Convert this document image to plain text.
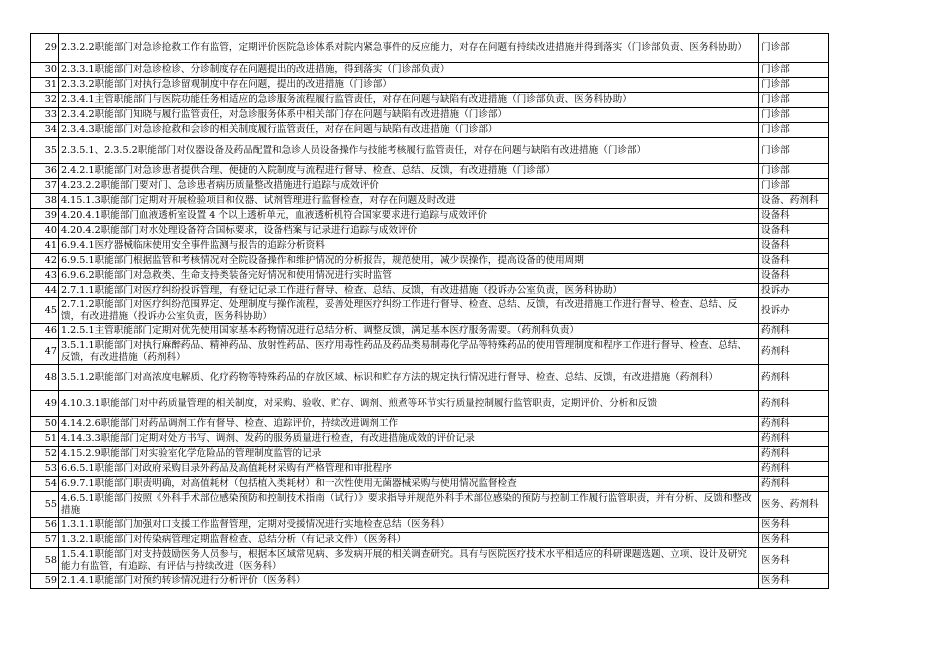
29	2.3.2.2职能部门对急诊抢救工作有监管，定期评价医院急诊体系对院内紧急事件的反应能力，对存在问题有持续改进措施并得到落实（门诊部负责、医务科协助）	门诊部
30	2.3.3.1职能部门对急诊检诊、分诊制度存在问题提出的改进措施，得到落实（门诊部负责）	门诊部
31	2.3.3.2职能部门对执行急诊留观制度中存在问题，提出的改进措施（门诊部）	门诊部
32	2.3.4.1主管职能部门与医院功能任务相适应的急诊服务流程履行监管责任，对存在问题与缺陷有改进措施（门诊部负责、医务科协助）	门诊部
33	2.3.4.2职能部门知晓与履行监管责任，对急诊服务体系中相关部门存在问题与缺陷有改进措施（门诊部）	门诊部
34	2.3.4.3职能部门对急诊抢救和会诊的相关制度履行监管责任，对存在问题与缺陷有改进措施（门诊部）	门诊部
35	2.3.5.1、2.3.5.2职能部门对仪器设备及药品配置和急诊人员设备操作与技能考核履行监管责任，对存在问题与缺陷有改进措施（门诊部）	门诊部
36	2.4.2.1职能部门对急诊患者提供合理、便捷的入院制度与流程进行督导、检查、总结、反馈，有改进措施（门诊部）	门诊部
37	4.23.2.2职能部门要对门、急诊患者病历质量整改措施进行追踪与成效评价	门诊部
38	4.15.1.3职能部门定期对开展检验项目和仪器、试剂管理进行监督检查，对存在问题及时改进	设备、药剂科
39	4.20.4.1职能部门血液透析室设置 4 个以上透析单元，血液透析机符合国家要求进行追踪与成效评价	设备科
40	4.20.4.2职能部门对水处理设备符合国标要求，设备档案与记录进行追踪与成效评价	设备科
41	6.9.4.1医疗器械临床使用安全事件监测与报告的追踪分析资料	设备科
42	6.9.5.1职能部门根据监管和考核情况对全院设备操作和维护情况的分析报告，规范使用，减少误操作，提高设备的使用周期	设备科
43	6.9.6.2职能部门对急救类、生命支持类装备完好情况和使用情况进行实时监管	设备科
44	2.7.1.1职能部门对医疗纠纷投诉管理，有登记记录工作进行督导、检查、总结、反馈，有改进措施（投诉办公室负责，医务科协助）	投诉办
45	2.7.1.2职能部门对医疗纠纷范围界定、处理制度与操作流程，妥善处理医疗纠纷工作进行督导、检查、总结、反馈，有改进措施工作进行督导、检查、总结、反馈，有改进措施（投诉办公室负责，医务科协助）	投诉办
46	1.2.5.1主管职能部门定期对优先使用国家基本药物情况进行总结分析、调整反馈，满足基本医疗服务需要。（药剂科负责）	药剂科
47	3.5.1.1职能部门对执行麻醉药品、精神药品、放射性药品、医疗用毒性药品及药品类易制毒化学品等特殊药品的使用管理制度和程序工作进行督导、检查、总结、反馈，有改进措施（药剂科）	药剂科
48	3.5.1.2职能部门对高浓度电解质、化疗药物等特殊药品的存放区域、标识和贮存方法的规定执行情况进行督导、检查、总结、反馈，有改进措施（药剂科）	药剂科
49	4.10.3.1职能部门对中药质量管理的相关制度，对采购、验收、贮存、调剂、煎煮等环节实行质量控制履行监管职责，定期评价、分析和反馈	药剂科
50	4.14.2.6职能部门对药品调剂工作有督导、检查、追踪评价，持续改进调剂工作	药剂科
51	4.14.3.3职能部门定期对处方书写、调剂、发药的服务质量进行检查，有改进措施成效的评价记录	药剂科
52	4.15.2.9职能部门对实验室化学危险品的管理制度监管的记录	药剂科
53	6.6.5.1职能部门对政府采购目录外药品及高值耗材采购有严格管理和审批程序	药剂科
54	6.9.7.1职能部门职责明确，对高值耗材（包括植入类耗材）和一次性使用无菌器械采购与使用情况监督检查	药剂科
55	4.6.5.1职能部门按照《外科手术部位感染预防和控制技术指南（试行）》要求指导并规范外科手术部位感染的预防与控制工作履行监管职责，并有分析、反馈和整改措施	医务、药剂科
56	1.3.1.1职能部门加强对口支援工作监督管理，定期对受援情况进行实地检查总结（医务科）	医务科
57	1.3.2.1职能部门对传染病管理定期监督检查、总结分析（有记录文件）（医务科）	医务科
58	1.5.4.1职能部门对支持鼓励医务人员参与，根据本区域常见病、多发病开展的相关调查研究。具有与医院医疗技术水平相适应的科研课题选题、立项、设计及研究能力有监管，有追踪、有评估与持续改进（医务科）	医务科
59	2.1.4.1职能部门对预约转诊情况进行分析评价（医务科）	医务科
